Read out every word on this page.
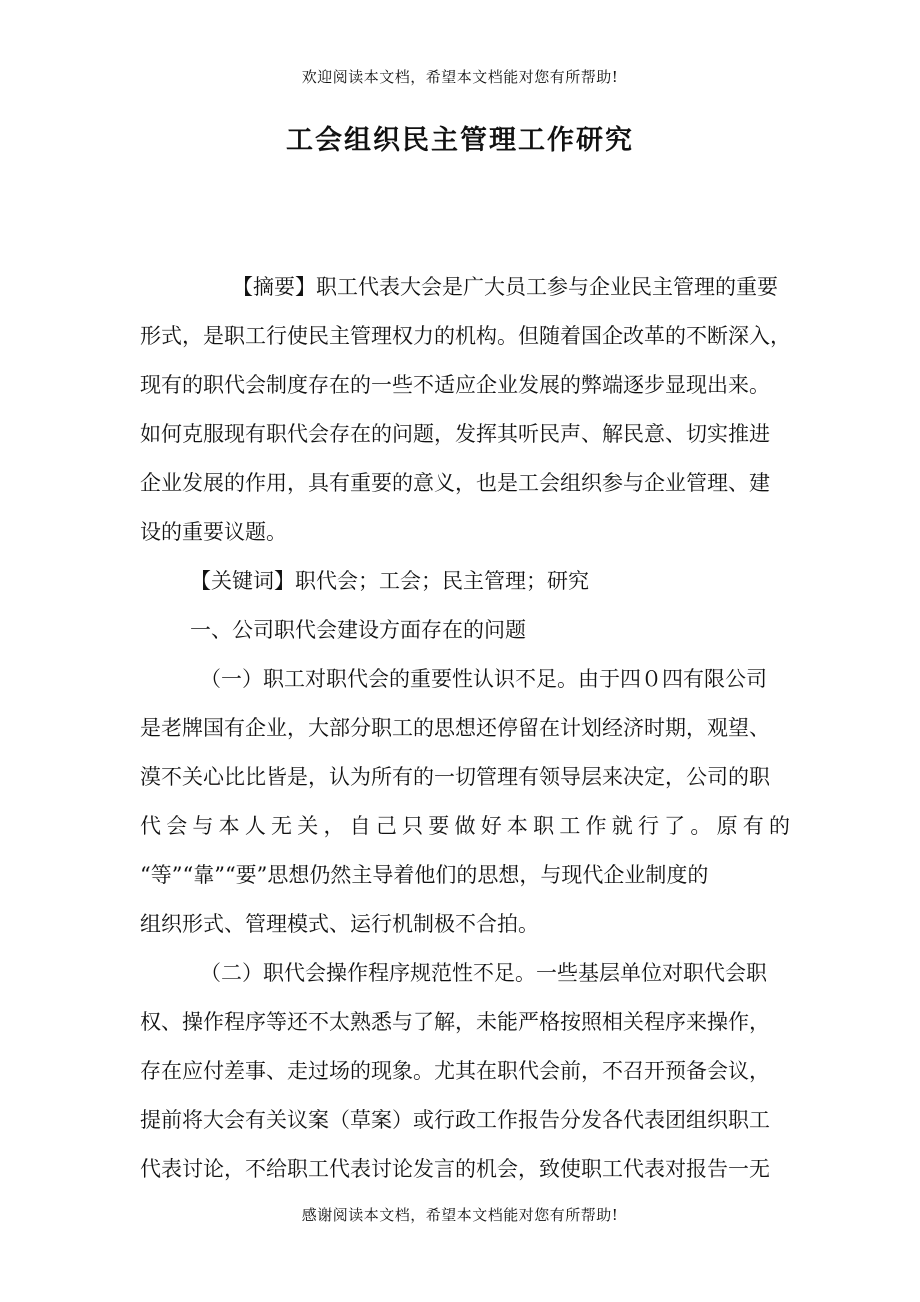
欢迎阅读本文档，希望本文档能对您有所帮助!
工会组织民主管理工作研究

【摘要】职工代表大会是广大员工参与企业民主管理的重要
形式，是职工行使民主管理权力的机构。但随着国企改革的不断深入，
现有的职代会制度存在的一些不适应企业发展的弊端逐步显现出来。
如何克服现有职代会存在的问题，发挥其听民声、解民意、切实推进
企业发展的作用，具有重要的意义，也是工会组织参与企业管理、建
设的重要议题。

【关键词】职代会；工会；民主管理；研究

一、公司职代会建设方面存在的问题

（一）职工对职代会的重要性认识不足。由于四０四有限公司
是老牌国有企业，大部分职工的思想还停留在计划经济时期，观望、
漠不关心比比皆是，认为所有的一切管理有领导层来决定，公司的职
代会与本人无关，自己只要做好本职工作就行了。原有的
“等”“靠”“要”思想仍然主导着他们的思想，与现代企业制度的
组织形式、管理模式、运行机制极不合拍。

（二）职代会操作程序规范性不足。一些基层单位对职代会职
权、操作程序等还不太熟悉与了解，未能严格按照相关程序来操作，
存在应付差事、走过场的现象。尤其在职代会前，不召开预备会议，
提前将大会有关议案（草案）或行政工作报告分发各代表团组织职工
代表讨论，不给职工代表讨论发言的机会，致使职工代表对报告一无

感谢阅读本文档，希望本文档能对您有所帮助!
